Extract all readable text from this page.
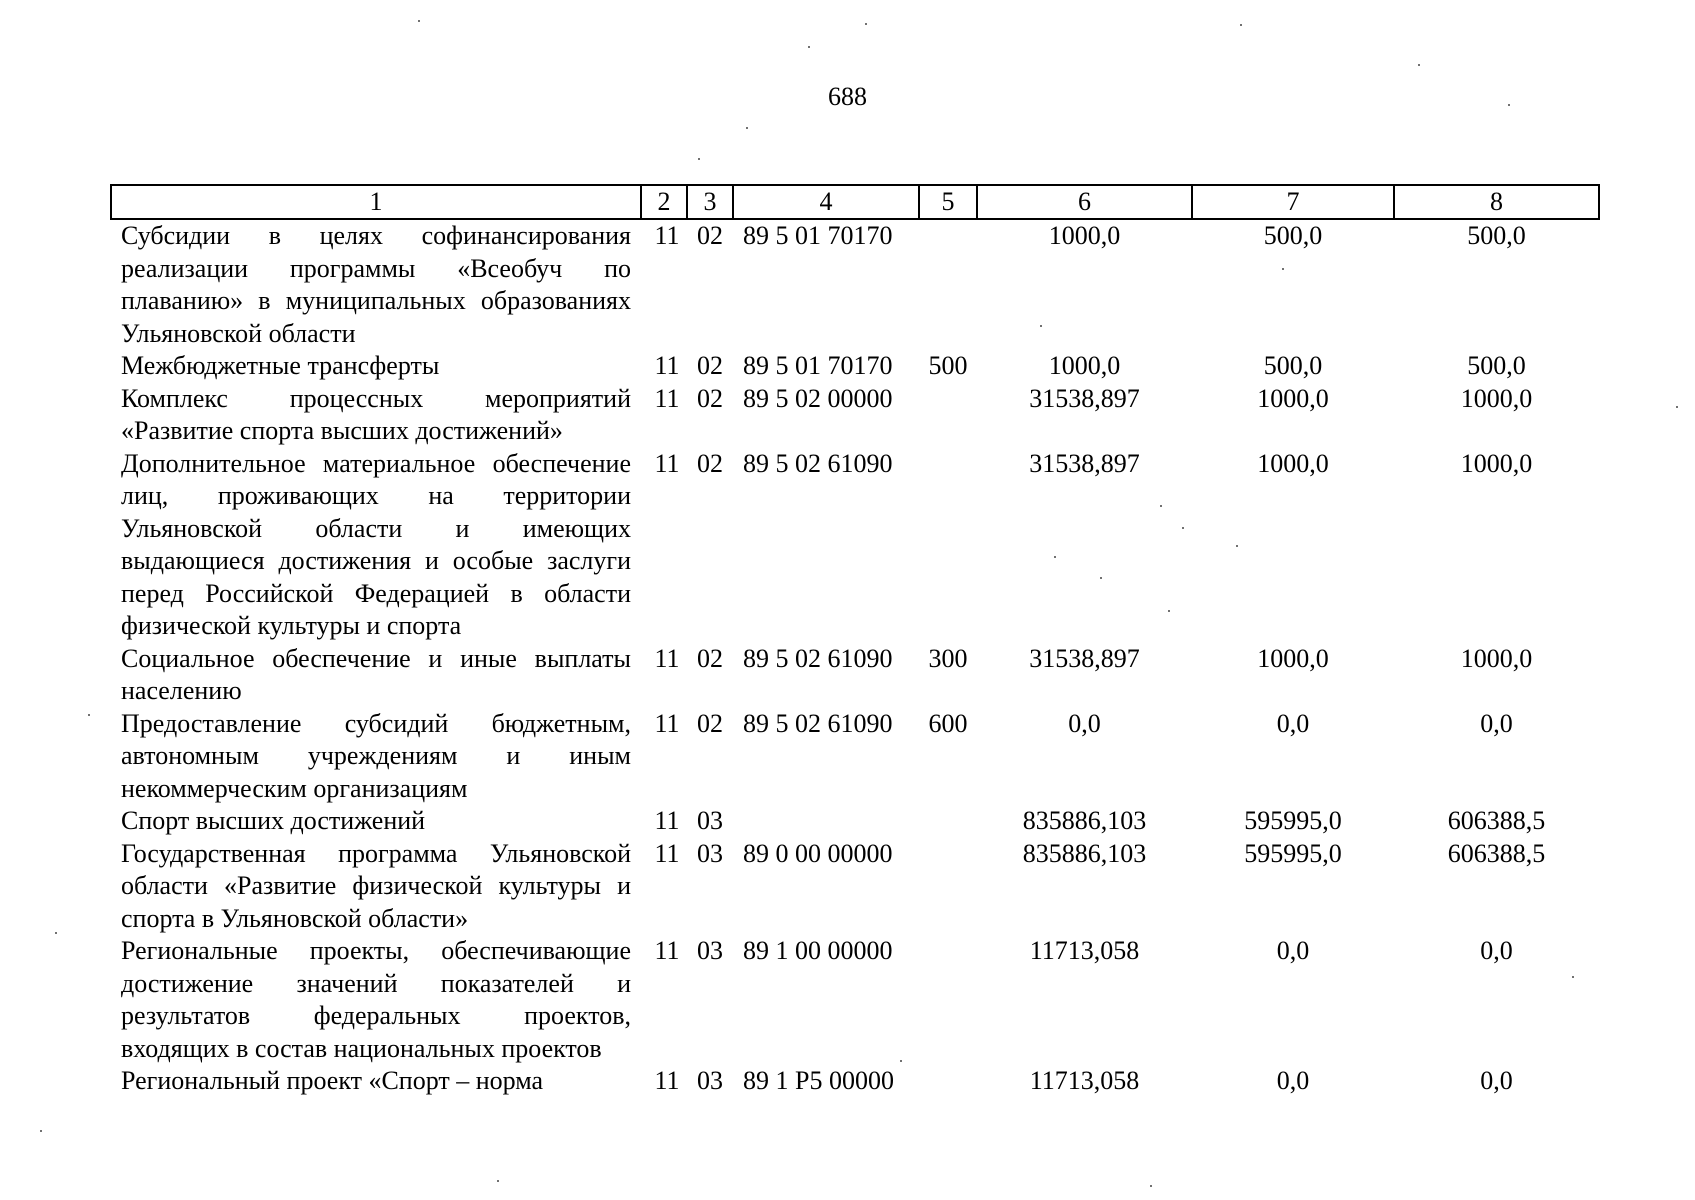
688
1	2	3	4	5	6	7	8
Субсидии в целях софинансирования реализации программы «Всеобуч по плаванию» в муниципальных образованиях Ульяновской области	11	02	89 5 01 70170		1000,0	500,0	500,0
Межбюджетные трансферты	11	02	89 5 01 70170	500	1000,0	500,0	500,0
Комплекс процессных мероприятий «Развитие спорта высших достижений»	11	02	89 5 02 00000		31538,897	1000,0	1000,0
Дополнительное материальное обеспечение лиц, проживающих на территории Ульяновской области и имеющих выдающиеся достижения и особые заслуги перед Российской Федерацией в области физической культуры и спорта	11	02	89 5 02 61090		31538,897	1000,0	1000,0
Социальное обеспечение и иные выплаты населению	11	02	89 5 02 61090	300	31538,897	1000,0	1000,0
Предоставление субсидий бюджетным, автономным учреждениям и иным некоммерческим организациям	11	02	89 5 02 61090	600	0,0	0,0	0,0
Спорт высших достижений	11	03			835886,103	595995,0	606388,5
Государственная программа Ульяновской области «Развитие физической культуры и спорта в Ульяновской области»	11	03	89 0 00 00000		835886,103	595995,0	606388,5
Региональные проекты, обеспечивающие достижение значений показателей и результатов федеральных проектов, входящих в состав национальных проектов	11	03	89 1 00 00000		11713,058	0,0	0,0
Региональный проект «Спорт – норма	11	03	89 1 P5 00000		11713,058	0,0	0,0
